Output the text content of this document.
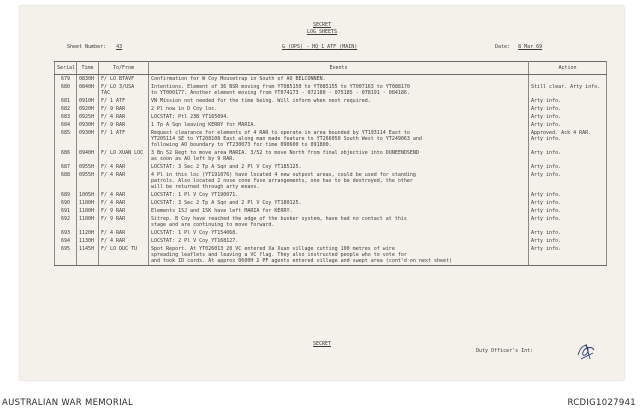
SECRET
LOG SHEETS
Sheet Number: 43	G (OPS) - HQ 1 ATF (MAIN)	Date: 8 Mar 69
Serial	Time	To/From	Events	Action
679	0830H	F/ LO BTAVF	Confirmation for W Coy Mousetrap in South of AO BELCONNEN.	
680	0840H	F/ LO 3/USA
TAC	Intentions. Element of 36 BSR moving from YT085150 to YT085155 to YT007163 to YT088170
to YT000177. Another element moving from YT074173 - 072180 - 075185 - 078191 - 084186.	Still clear. Arty info.
681	0910H	F/ 1 ATF	VN Mission not needed for the time being. Will inform when next required.	Arty info.
682	0920H	F/ 9 RAR	2 Pl now in D Coy loc.	Arty info.
683	0925H	F/ 4 RAR	LOCSTAT: Ptl 23B YT165094.	Arty info.
684	0930H	F/ 9 RAR	1 Tp A Sqn leaving KERRY for MARIA.	Arty info.
685	0930H	F/ 1 ATF	Request clearance for elements of 4 RAR to operate in area bounded by YT193114 East to
YT205114 SE to YT208108 East along man made feature to YT266050 South West to YT249063 and
following AO boundary to YT230073 for time 090600 to 091800.	Approved. Ack 4 RAR.
Arty info.
686	0940H	F/ LO XUAN LOC	3 Bn 52 Regt to move area MARIA. 3/52 to move North from final objective into DUNEENDSEND
as soon as AO left by 9 RAR.	Arty info.
687	0955H	F/ 4 RAR	LOCSTAT: 3 Sec 2 Tp A Sqn and 2 Pl V Coy YT185125.	Arty info.
688	0955H	F/ 4 RAR	4 Pl in this loc (YT191076) have located 4 new outpost areas, could be used for standing
patrols. Also located 2 nose cone fuse arrangements, one has to be destroyed, the other
will be returned through arty means.	Arty info.
689	1005H	F/ 4 RAR	LOCSTAT: 1 Pl V Coy YT190071.	Arty info.
690	1100H	F/ 4 RAR	LOCSTAT: 3 Sec 2 Tp A Sqn and 2 Pl V Coy YT180125.	Arty info.
691	1100H	F/ 9 RAR	Elements 15J and 15K have left MARIA for KERRY.	Arty info.
692	1100H	F/ 9 RAR	Sitrep. B Coy have reached the edge of the bunker system, have had no contact at this
stage and are continuing to move forward.	Arty info.
693	1120H	F/ 4 RAR	LOCSTAT: 1 Pl V Coy YT154068.	Arty info.
694	1130H	F/ 4 RAR	LOCSTAT: 2 Pl V Coy YT168127.	Arty info.
695	1145H	F/ LO DUC TU	Spot Report. At YT026013 20 VC entered Xa Xuan village cutting 100 metres of wire
spreading leaflets and leaving a VC flag. They also instructed people who to vote for
and took ID cards. At approx 0600H 2 PF agents entered village and swept area (cont'd on next sheet)	Arty info.
SECRET
Duty Officer's Int:
AUSTRALIAN WAR MEMORIAL	RCDIG1027941
